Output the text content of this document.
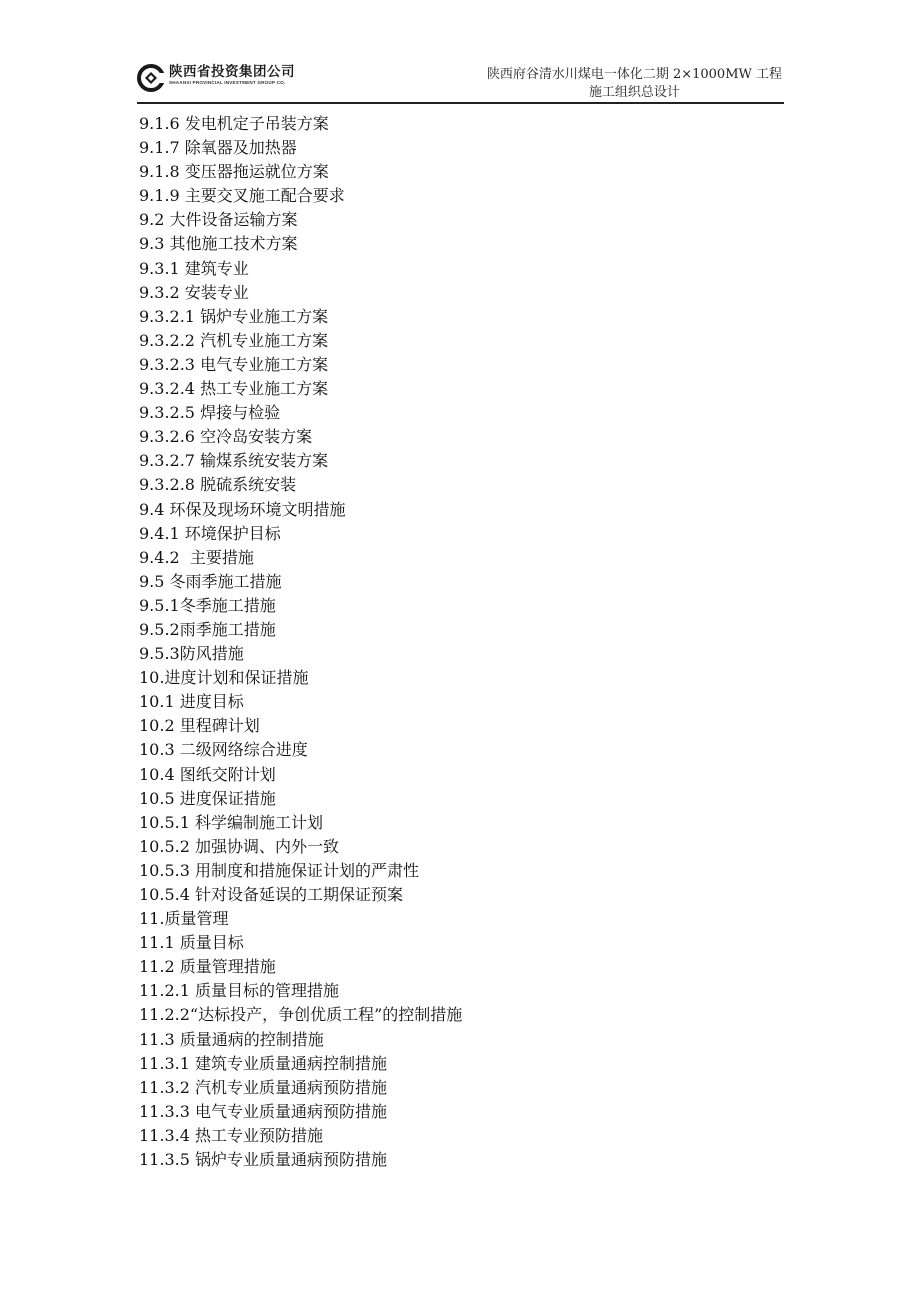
陕西省投资集团公司
SHAANXI PROVINCIAL INVESTMENT GROUP CO.
陕西府谷清水川煤电一体化二期 2×1000MW 工程
施工组织总设计
9.1.6 发电机定子吊装方案
9.1.7 除氧器及加热器
9.1.8 变压器拖运就位方案
9.1.9 主要交叉施工配合要求
9.2 大件设备运输方案
9.3 其他施工技术方案
9.3.1 建筑专业
9.3.2 安装专业
9.3.2.1 锅炉专业施工方案
9.3.2.2 汽机专业施工方案
9.3.2.3 电气专业施工方案
9.3.2.4 热工专业施工方案
9.3.2.5 焊接与检验
9.3.2.6 空冷岛安装方案
9.3.2.7 输煤系统安装方案
9.3.2.8 脱硫系统安装
9.4 环保及现场环境文明措施
9.4.1 环境保护目标
9.4.2  主要措施
9.5 冬雨季施工措施
9.5.1冬季施工措施
9.5.2雨季施工措施
9.5.3防风措施
10.进度计划和保证措施
10.1 进度目标
10.2 里程碑计划
10.3 二级网络综合进度
10.4 图纸交附计划
10.5 进度保证措施
10.5.1 科学编制施工计划
10.5.2 加强协调、内外一致
10.5.3 用制度和措施保证计划的严肃性
10.5.4 针对设备延误的工期保证预案
11.质量管理
11.1 质量目标
11.2 质量管理措施
11.2.1 质量目标的管理措施
11.2.2“达标投产，争创优质工程”的控制措施
11.3 质量通病的控制措施
11.3.1 建筑专业质量通病控制措施
11.3.2 汽机专业质量通病预防措施
11.3.3 电气专业质量通病预防措施
11.3.4 热工专业预防措施
11.3.5 锅炉专业质量通病预防措施
